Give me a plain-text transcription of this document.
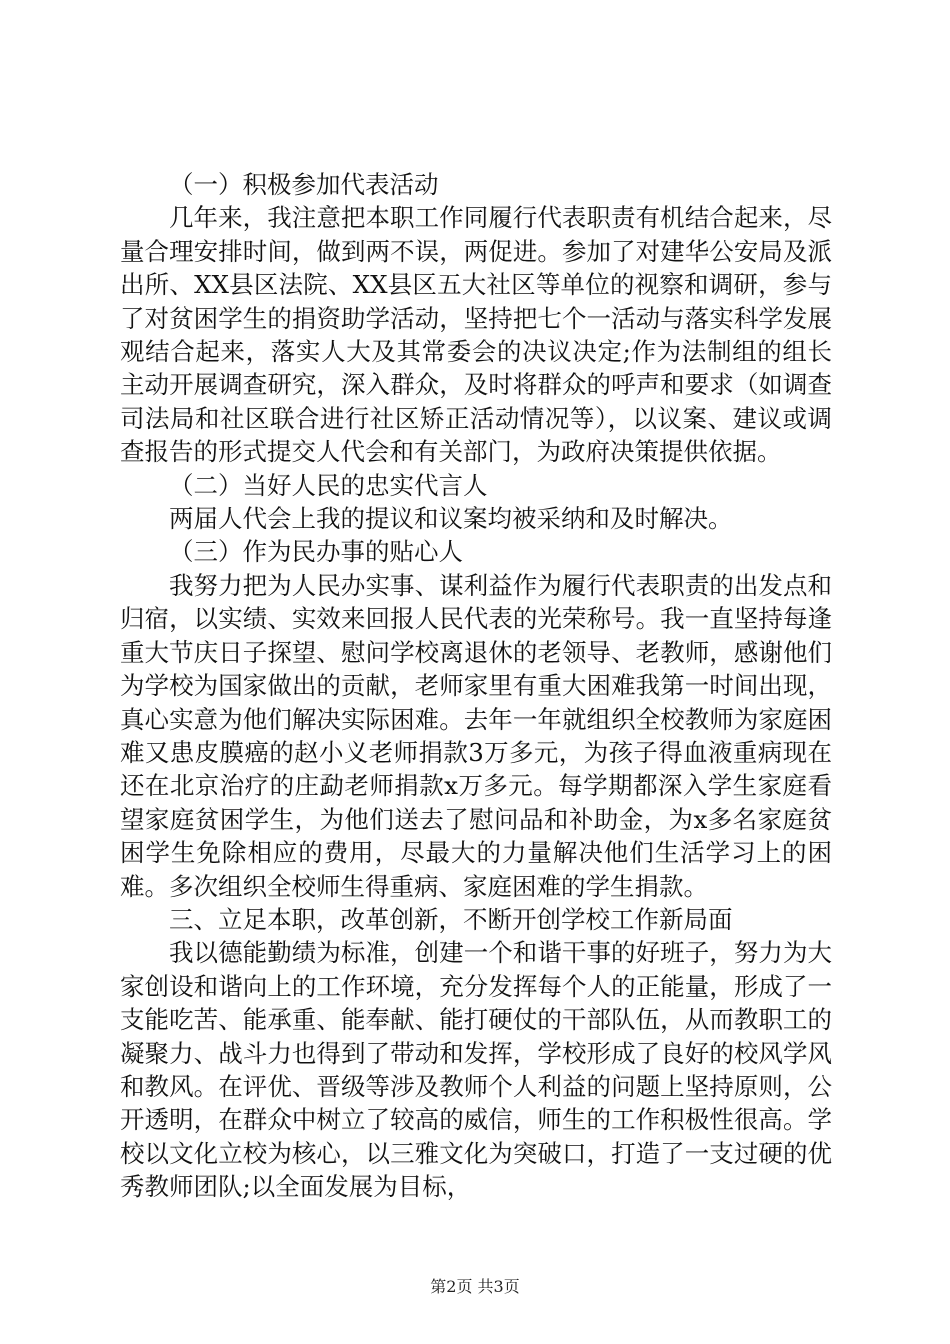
（一）积极参加代表活动

几年来，我注意把本职工作同履行代表职责有机结合起来，尽量合理安排时间，做到两不误，两促进。参加了对建华公安局及派出所、XX县区法院、XX县区五大社区等单位的视察和调研，参与了对贫困学生的捐资助学活动，坚持把七个一活动与落实科学发展观结合起来，落实人大及其常委会的决议决定;作为法制组的组长主动开展调查研究，深入群众，及时将群众的呼声和要求（如调查司法局和社区联合进行社区矫正活动情况等），以议案、建议或调查报告的形式提交人代会和有关部门，为政府决策提供依据。

（二）当好人民的忠实代言人

两届人代会上我的提议和议案均被采纳和及时解决。

（三）作为民办事的贴心人

我努力把为人民办实事、谋利益作为履行代表职责的出发点和归宿，以实绩、实效来回报人民代表的光荣称号。我一直坚持每逢重大节庆日子探望、慰问学校离退休的老领导、老教师，感谢他们为学校为国家做出的贡献，老师家里有重大困难我第一时间出现，真心实意为他们解决实际困难。去年一年就组织全校教师为家庭困难又患皮膜癌的赵小义老师捐款3万多元，为孩子得血液重病现在还在北京治疗的庄勐老师捐款x万多元。每学期都深入学生家庭看望家庭贫困学生，为他们送去了慰问品和补助金，为x多名家庭贫困学生免除相应的费用，尽最大的力量解决他们生活学习上的困难。多次组织全校师生得重病、家庭困难的学生捐款。

三、立足本职，改革创新，不断开创学校工作新局面

我以德能勤绩为标准，创建一个和谐干事的好班子，努力为大家创设和谐向上的工作环境，充分发挥每个人的正能量，形成了一支能吃苦、能承重、能奉献、能打硬仗的干部队伍，从而教职工的凝聚力、战斗力也得到了带动和发挥，学校形成了良好的校风学风和教风。在评优、晋级等涉及教师个人利益的问题上坚持原则，公开透明，在群众中树立了较高的威信，师生的工作积极性很高。学校以文化立校为核心，以三雅文化为突破口，打造了一支过硬的优秀教师团队;以全面发展为目标，

第2页 共3页
